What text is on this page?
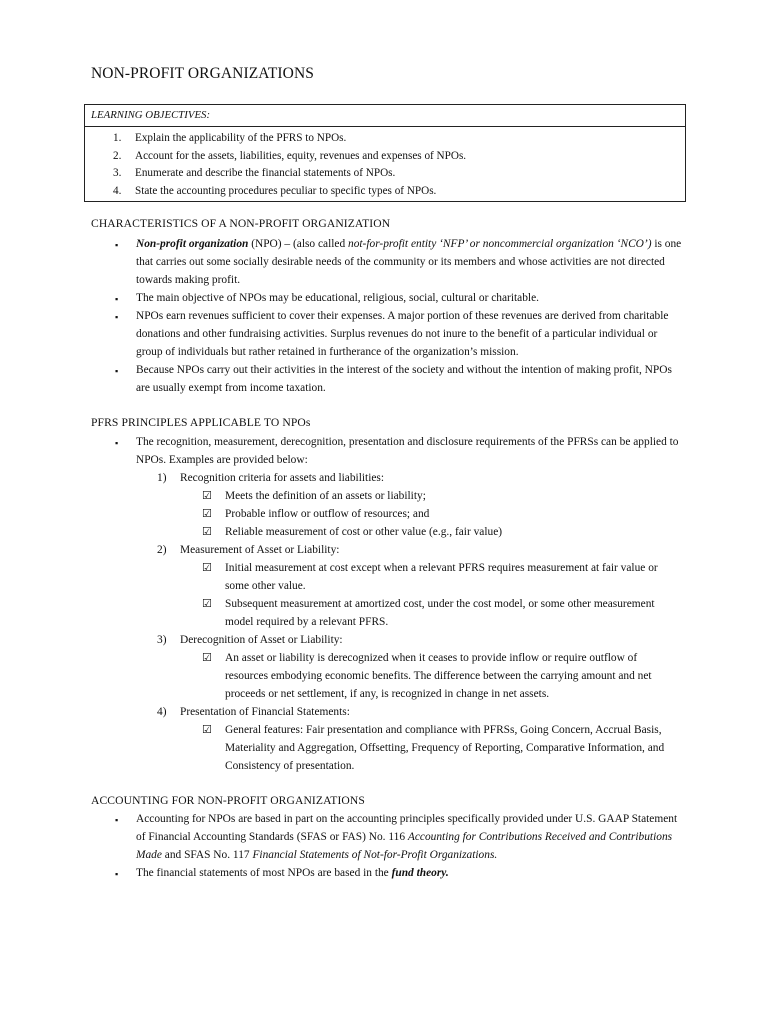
NON-PROFIT ORGANIZATIONS
LEARNING OBJECTIVES:
1. Explain the applicability of the PFRS to NPOs.
2. Account for the assets, liabilities, equity, revenues and expenses of NPOs.
3. Enumerate and describe the financial statements of NPOs.
4. State the accounting procedures peculiar to specific types of NPOs.
CHARACTERISTICS OF A NON-PROFIT ORGANIZATION
▪ Non-profit organization (NPO) – (also called not-for-profit entity ‘NFP’ or noncommercial organization ‘NCO’) is one that carries out some socially desirable needs of the community or its members and whose activities are not directed towards making profit.
▪ The main objective of NPOs may be educational, religious, social, cultural or charitable.
▪ NPOs earn revenues sufficient to cover their expenses. A major portion of these revenues are derived from charitable donations and other fundraising activities. Surplus revenues do not inure to the benefit of a particular individual or group of individuals but rather retained in furtherance of the organization’s mission.
▪ Because NPOs carry out their activities in the interest of the society and without the intention of making profit, NPOs are usually exempt from income taxation.
PFRS PRINCIPLES APPLICABLE TO NPOs
▪ The recognition, measurement, derecognition, presentation and disclosure requirements of the PFRSs can be applied to NPOs. Examples are provided below:
1) Recognition criteria for assets and liabilities:
☑ Meets the definition of an assets or liability;
☑ Probable inflow or outflow of resources; and
☑ Reliable measurement of cost or other value (e.g., fair value)
2) Measurement of Asset or Liability:
☑ Initial measurement at cost except when a relevant PFRS requires measurement at fair value or some other value.
☑ Subsequent measurement at amortized cost, under the cost model, or some other measurement model required by a relevant PFRS.
3) Derecognition of Asset or Liability:
☑ An asset or liability is derecognized when it ceases to provide inflow or require outflow of resources embodying economic benefits. The difference between the carrying amount and net proceeds or net settlement, if any, is recognized in change in net assets.
4) Presentation of Financial Statements:
☑ General features: Fair presentation and compliance with PFRSs, Going Concern, Accrual Basis, Materiality and Aggregation, Offsetting, Frequency of Reporting, Comparative Information, and Consistency of presentation.
ACCOUNTING FOR NON-PROFIT ORGANIZATIONS
▪ Accounting for NPOs are based in part on the accounting principles specifically provided under U.S. GAAP Statement of Financial Accounting Standards (SFAS or FAS) No. 116 Accounting for Contributions Received and Contributions Made and SFAS No. 117 Financial Statements of Not-for-Profit Organizations.
▪ The financial statements of most NPOs are based in the fund theory.
